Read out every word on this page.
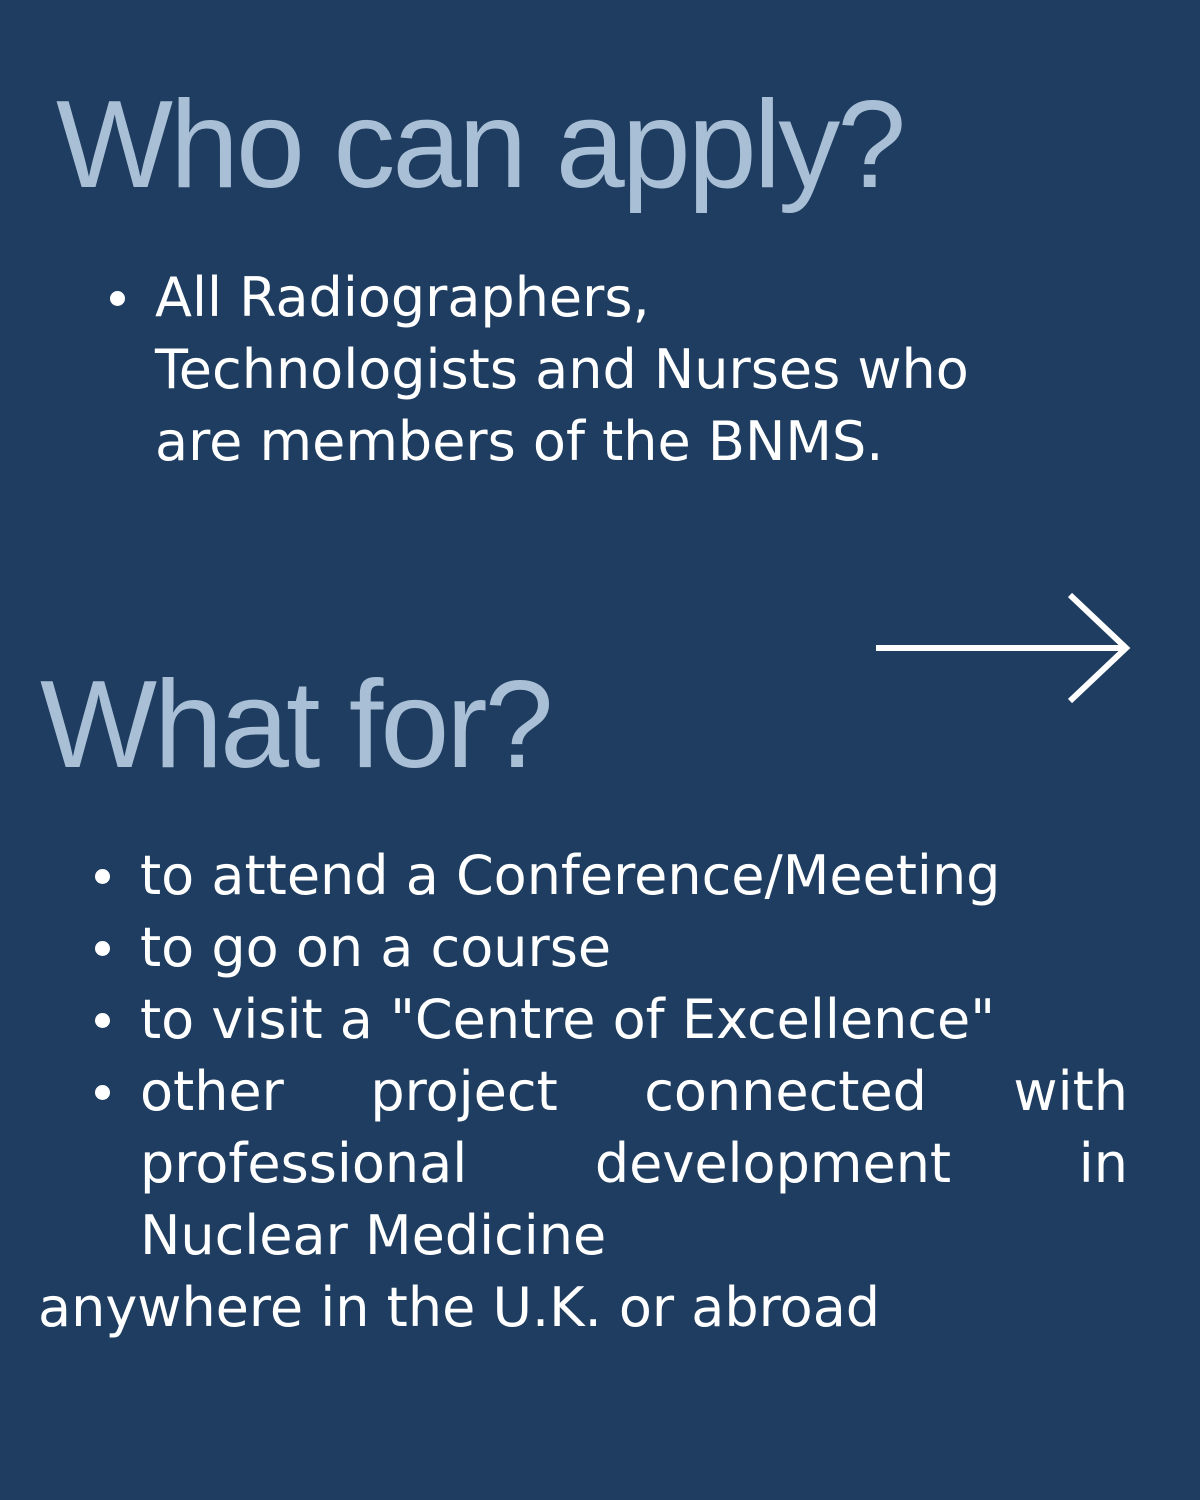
Who can apply?
All Radiographers, Technologists and Nurses who are members of the BNMS.
What for?
to attend a Conference/Meeting
to go on a course
to visit a "Centre of Excellence"
other project connected with professional development in Nuclear Medicine

anywhere in the U.K. or abroad
